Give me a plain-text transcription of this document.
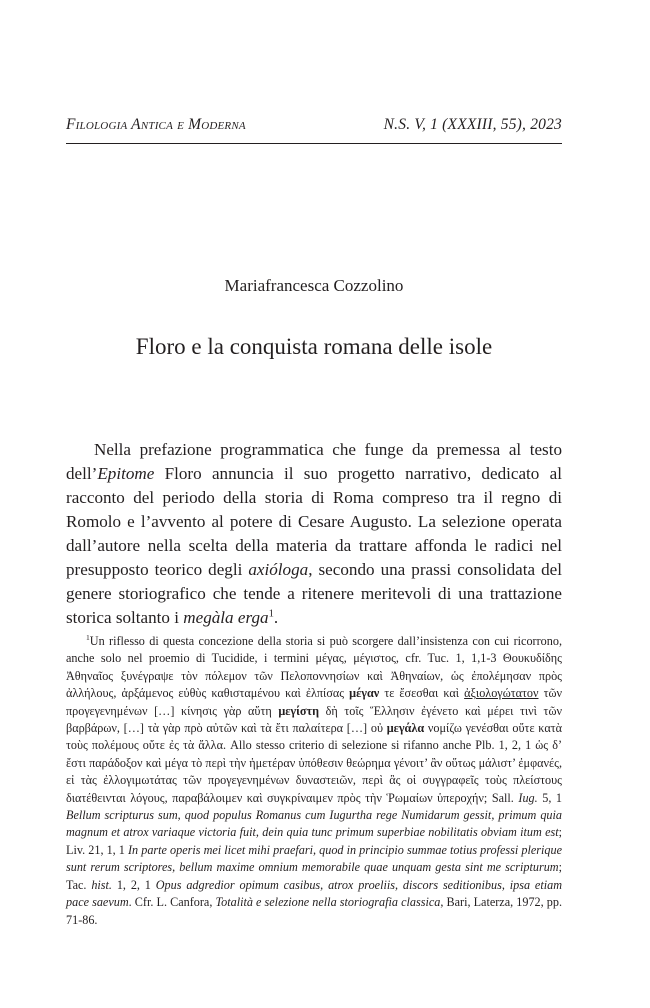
Filologia Antica e Moderna	N.S. V, 1 (XXXIII, 55), 2023
Mariafrancesca Cozzolino
Floro e la conquista romana delle isole

Nella prefazione programmatica che funge da premessa al testo dell’Epitome Floro annuncia il suo progetto narrativo, dedicato al racconto del periodo della storia di Roma compreso tra il regno di Romolo e l’avvento al potere di Cesare Augusto. La selezione operata dall’autore nella scelta della materia da trattare affonda le radici nel presupposto teorico degli axiólogа, secondo una prassi consolidata del genere storiografico che tende a ritenere meritevoli di una trattazione storica soltanto i megàla erga$^1$.

$^1$Un riflesso di questa concezione della storia si può scorgere dall’insistenza con cui ricorrono, anche solo nel proemio di Tucidide, i termini μέγας, μέγιστος, cfr. Tuc. 1, 1,1-3 Θουκυδίδης Ἀθηναῖος ξυνέγραψε τὸν πόλεμον τῶν Πελοποννησίων καὶ Ἀθηναίων, ὡς ἐπολέμησαν πρὸς ἀλλήλους, ἀρξάμενος εὐθὺς καθισταμένου καὶ ἐλπίσας μέγαν τε ἔσεσθαι καὶ ἀξιολογώτατον τῶν προγεγενημένων […] κίνησις γὰρ αὕτη μεγίστη δὴ τοῖς Ἕλλησιν ἐγένετο καὶ μέρει τινὶ τῶν βαρβάρων, […] τὰ γὰρ πρὸ αὐτῶν καὶ τὰ ἔτι παλαίτερα […] οὐ μεγάλα νομίζω γενέσθαι οὔτε κατὰ τοὺς πολέμους οὔτε ἐς τὰ ἄλλα. Allo stesso criterio di selezione si rifanno anche Plb. 1, 2, 1 ὡς δ’ ἔστι παράδοξον καὶ μέγα τὸ περὶ τὴν ἡμετέραν ὑπόθεσιν θεώρημα γένοιτ’ ἂν οὕτως μάλιστ’ ἐμφανές, εἰ τὰς ἐλλογιμωτάτας τῶν προγεγενημένων δυναστειῶν, περὶ ἃς οἱ συγγραφεῖς τοὺς πλείστους διατέθεινται λόγους, παραβάλοιμεν καὶ συγκρίναιμεν πρὸς τὴν Ῥωμαίων ὑπεροχήν; Sall. Iug. 5, 1 Bellum scripturus sum, quod populus Romanus cum Iugurtha rege Numidarum gessit, primum quia magnum et atrox variaque victoria fuit, dein quia tunc primum superbiae nobilitatis obviam itum est; Liv. 21, 1, 1 In parte operis mei licet mihi praefari, quod in principio summae totius professi plerique sunt rerum scriptores, bellum maxime omnium memorabile quae unquam gesta sint me scripturum; Tac. hist. 1, 2, 1 Opus adgredior opimum casibus, atrox proeliis, discors seditionibus, ipsa etiam pace saevum. Cfr. L. Canfora, Totalità e selezione nella storiografia classica, Bari, Laterza, 1972, pp. 71-86.
